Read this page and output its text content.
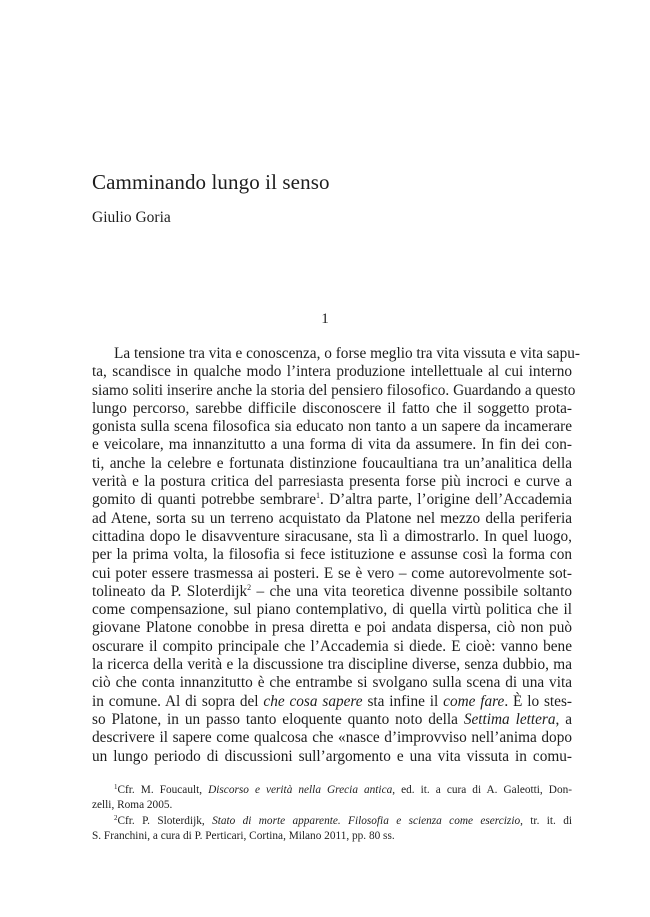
Camminando lungo il senso
Giulio Goria
1
La tensione tra vita e conoscenza, o forse meglio tra vita vissuta e vita sapu-
ta, scandisce in qualche modo l’intera produzione intellettuale al cui interno
siamo soliti inserire anche la storia del pensiero filosofico. Guardando a questo
lungo percorso, sarebbe difficile disconoscere il fatto che il soggetto prota-
gonista sulla scena filosofica sia educato non tanto a un sapere da incamerare
e veicolare, ma innanzitutto a una forma di vita da assumere. In fin dei con-
ti, anche la celebre e fortunata distinzione foucaultiana tra un’analitica della
verità e la postura critica del parresiasta presenta forse più incroci e curve a
gomito di quanti potrebbe sembrare$^1$. D’altra parte, l’origine dell’Accademia
ad Atene, sorta su un terreno acquistato da Platone nel mezzo della periferia
cittadina dopo le disavventure siracusane, sta lì a dimostrarlo. In quel luogo,
per la prima volta, la filosofia si fece istituzione e assunse così la forma con
cui poter essere trasmessa ai posteri. E se è vero – come autorevolmente sot-
tolineato da P. Sloterdijk$^2$ – che una vita teoretica divenne possibile soltanto
come compensazione, sul piano contemplativo, di quella virtù politica che il
giovane Platone conobbe in presa diretta e poi andata dispersa, ciò non può
oscurare il compito principale che l’Accademia si diede. E cioè: vanno bene
la ricerca della verità e la discussione tra discipline diverse, senza dubbio, ma
ciò che conta innanzitutto è che entrambe si svolgano sulla scena di una vita
in comune. Al di sopra del che cosa sapere sta infine il come fare. È lo stes-
so Platone, in un passo tanto eloquente quanto noto della Settima lettera, a
descrivere il sapere come qualcosa che «nasce d’improvviso nell’anima dopo
un lungo periodo di discussioni sull’argomento e una vita vissuta in comu-
$^1$Cfr. M. Foucault, Discorso e verità nella Grecia antica, ed. it. a cura di A. Galeotti, Don-
zelli, Roma 2005.
$^2$Cfr. P. Sloterdijk, Stato di morte apparente. Filosofia e scienza come esercizio, tr. it. di
S. Franchini, a cura di P. Perticari, Cortina, Milano 2011, pp. 80 ss.
